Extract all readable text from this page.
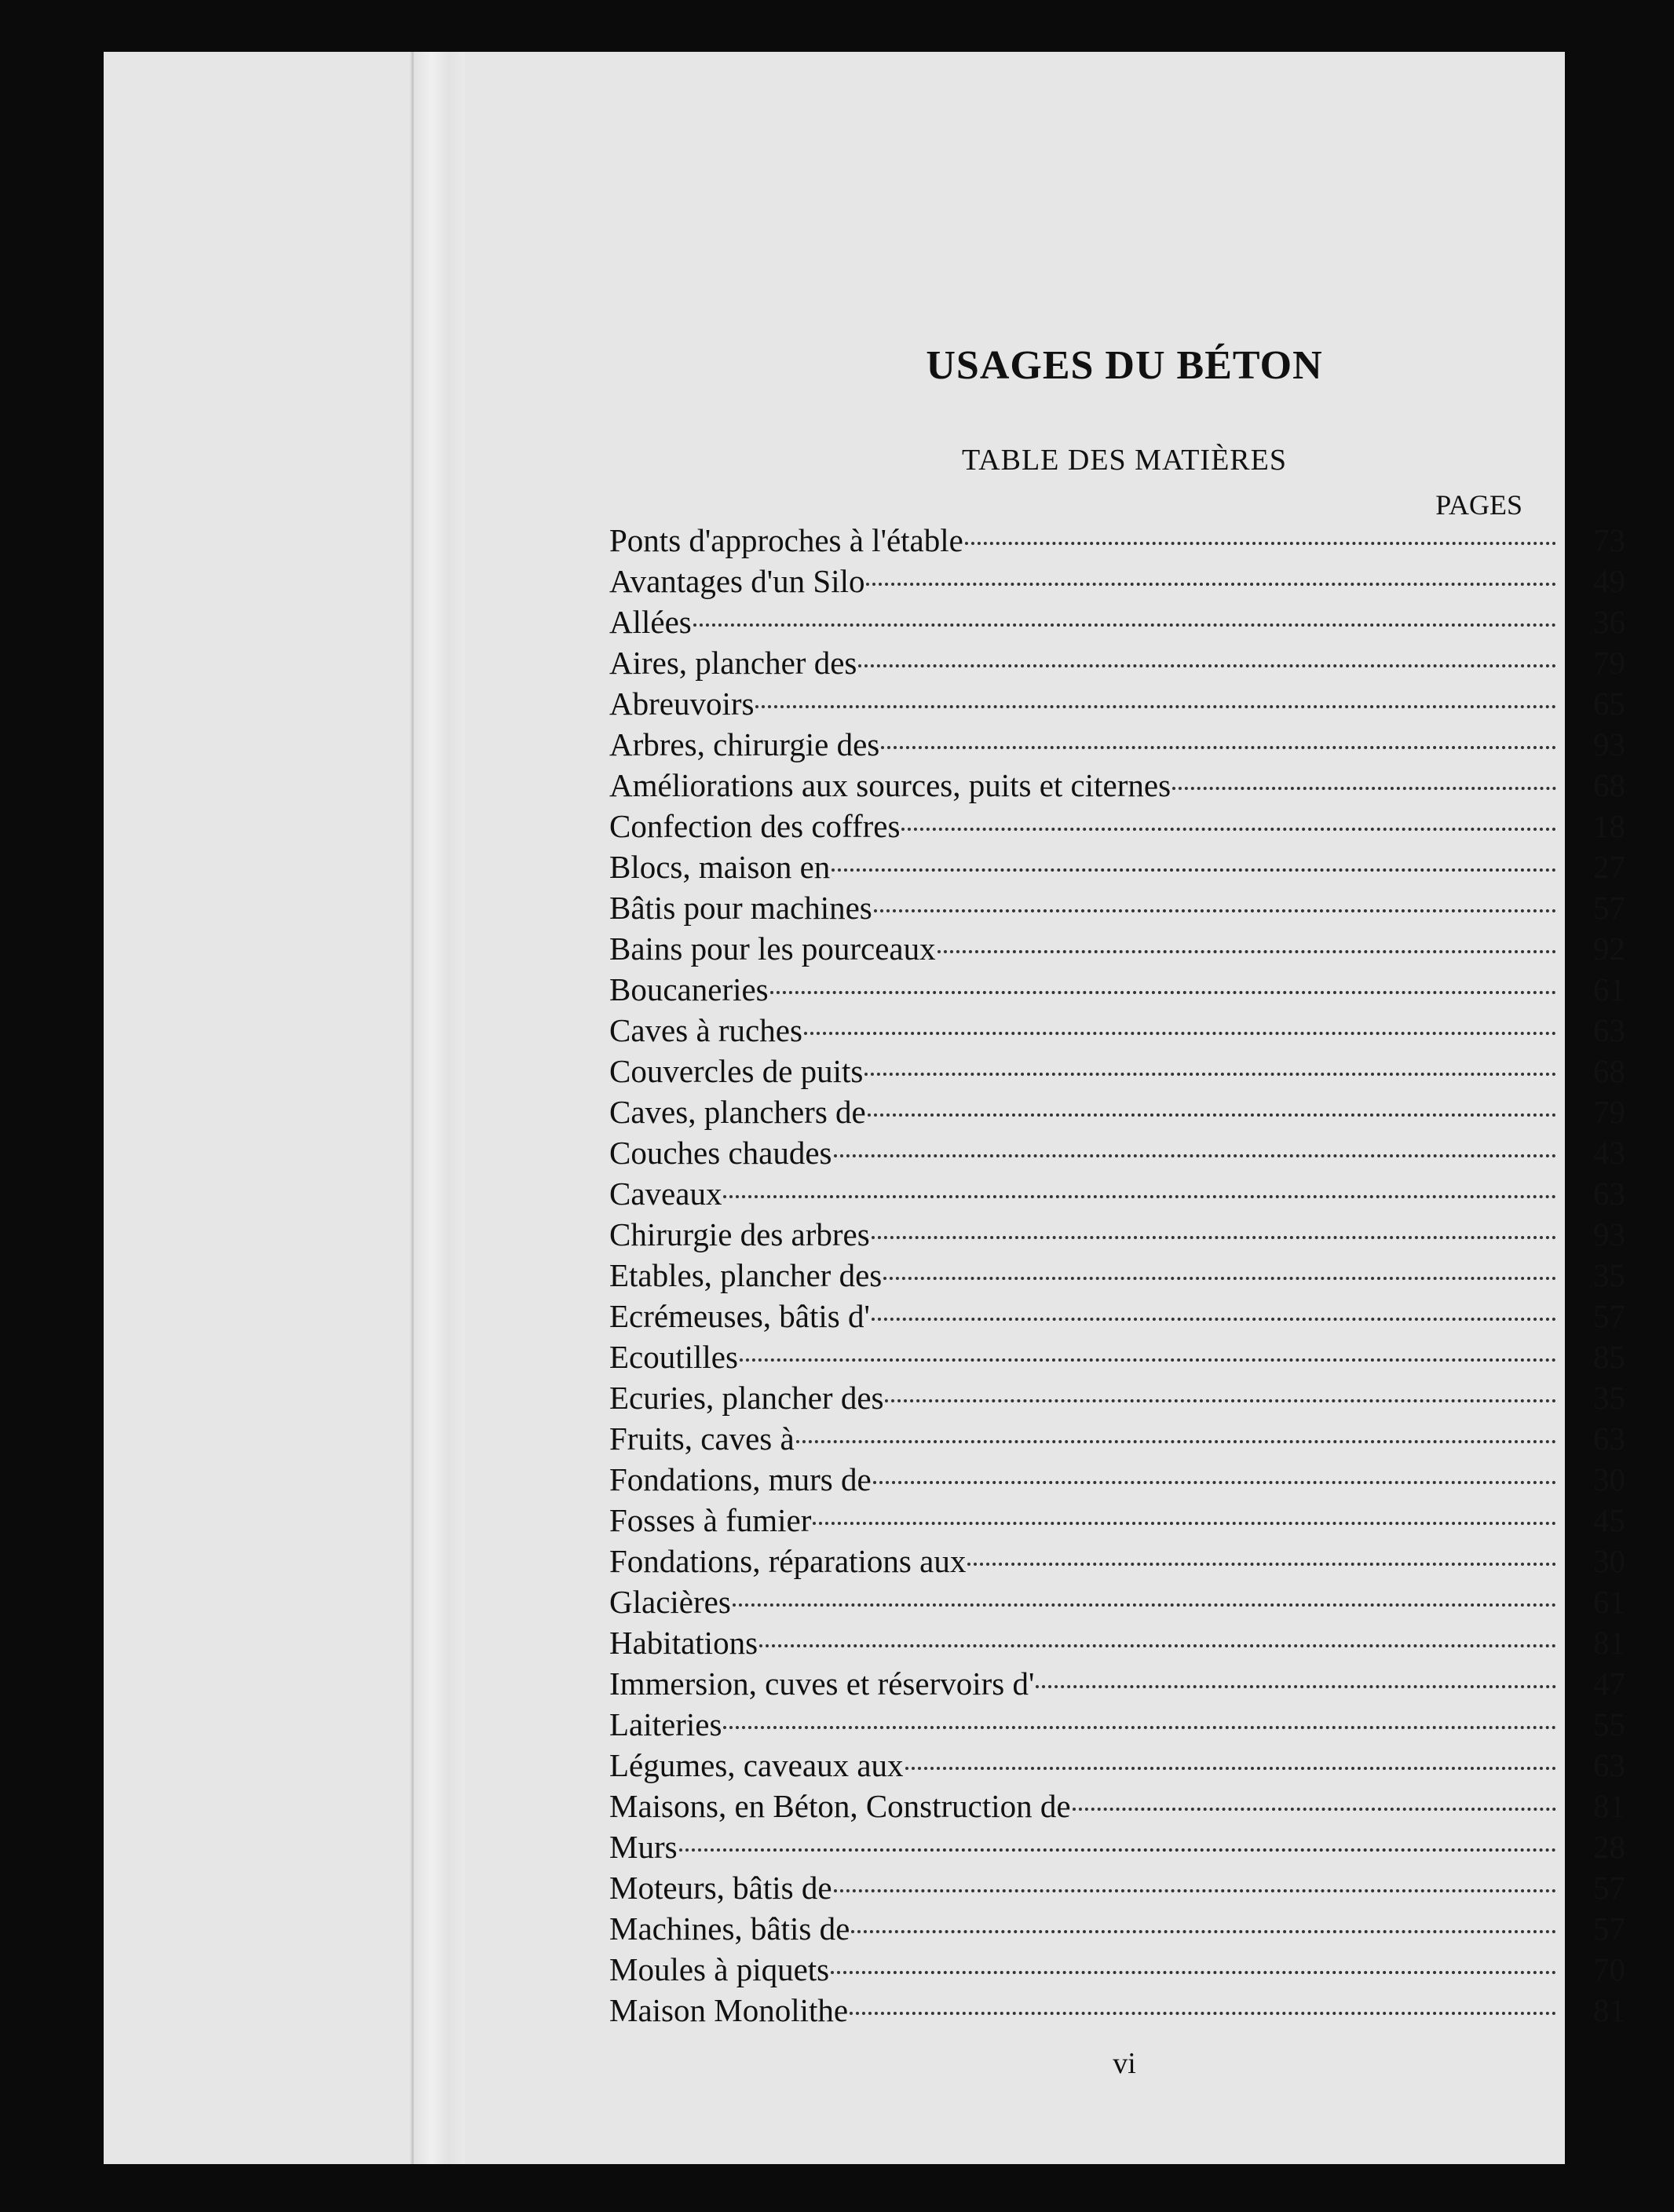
USAGES DU BÉTON
TABLE DES MATIÈRES
PAGES
Ponts d'approches à l'étable	73
Avantages d'un Silo	49
Allées	36
Aires, plancher des	79
Abreuvoirs	65
Arbres, chirurgie des	93
Améliorations aux sources, puits et citernes	68
Confection des coffres	18
Blocs, maison en	27
Bâtis pour machines	57
Bains pour les pourceaux	92
Boucaneries	61
Caves à ruches	63
Couvercles de puits	68
Caves, planchers de	79
Couches chaudes	43
Caveaux	63
Chirurgie des arbres	93
Etables, plancher des	35
Ecrémeuses, bâtis d'	57
Ecoutilles	85
Ecuries, plancher des	35
Fruits, caves à	63
Fondations, murs de	30
Fosses à fumier	45
Fondations, réparations aux	30
Glacières	61
Habitations	81
Immersion, cuves et réservoirs d'	47
Laiteries	55
Légumes, caveaux aux	63
Maisons, en Béton, Construction de	81
Murs	28
Moteurs, bâtis de	57
Machines, bâtis de	57
Moules à piquets	70
Maison Monolithe	81
vi
